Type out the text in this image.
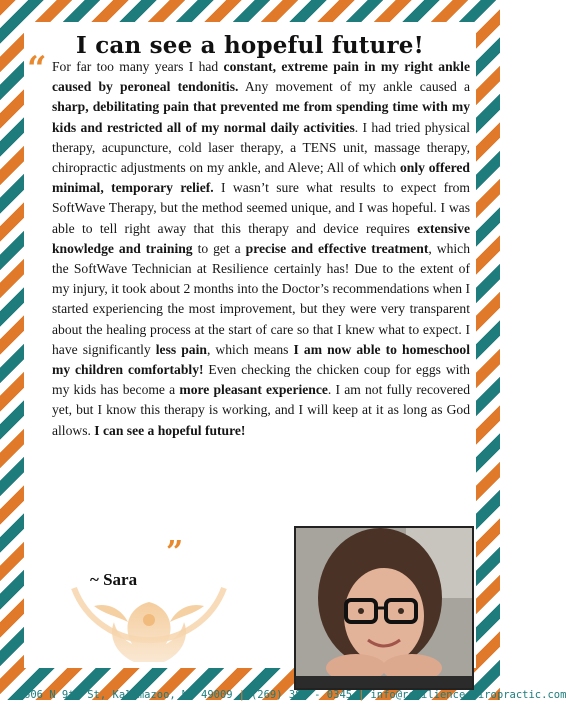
I can see a hopeful future!
“ For far too many years I had constant, extreme pain in my right ankle caused by peroneal tendonitis. Any movement of my ankle caused a sharp, debilitating pain that prevented me from spending time with my kids and restricted all of my normal daily activities. I had tried physical therapy, acupuncture, cold laser therapy, a TENS unit, massage therapy, chiropractic adjustments on my ankle, and Aleve; All of which only offered minimal, temporary relief. I wasn’t sure what results to expect from SoftWave Therapy, but the method seemed unique, and I was hopeful. I was able to tell right away that this therapy and device requires extensive knowledge and training to get a precise and effective treatment, which the SoftWave Technician at Resilience certainly has! Due to the extent of my injury, it took about 2 months into the Doctor’s recommendations when I started experiencing the most improvement, but they were very transparent about the healing process at the start of care so that I knew what to expect. I have significantly less pain, which means I am now able to homeschool my children comfortably! Even checking the chicken coup for eggs with my kids has become a more pleasant experience. I am not fully recovered yet, but I know this therapy is working, and I will keep at it as long as God allows. I can see a hopeful future!
”
~ Sara
606 N 9th St, Kalamazoo, MI 49009 | (269) 389 - 0345 | info@resiliencechiropractic.com
